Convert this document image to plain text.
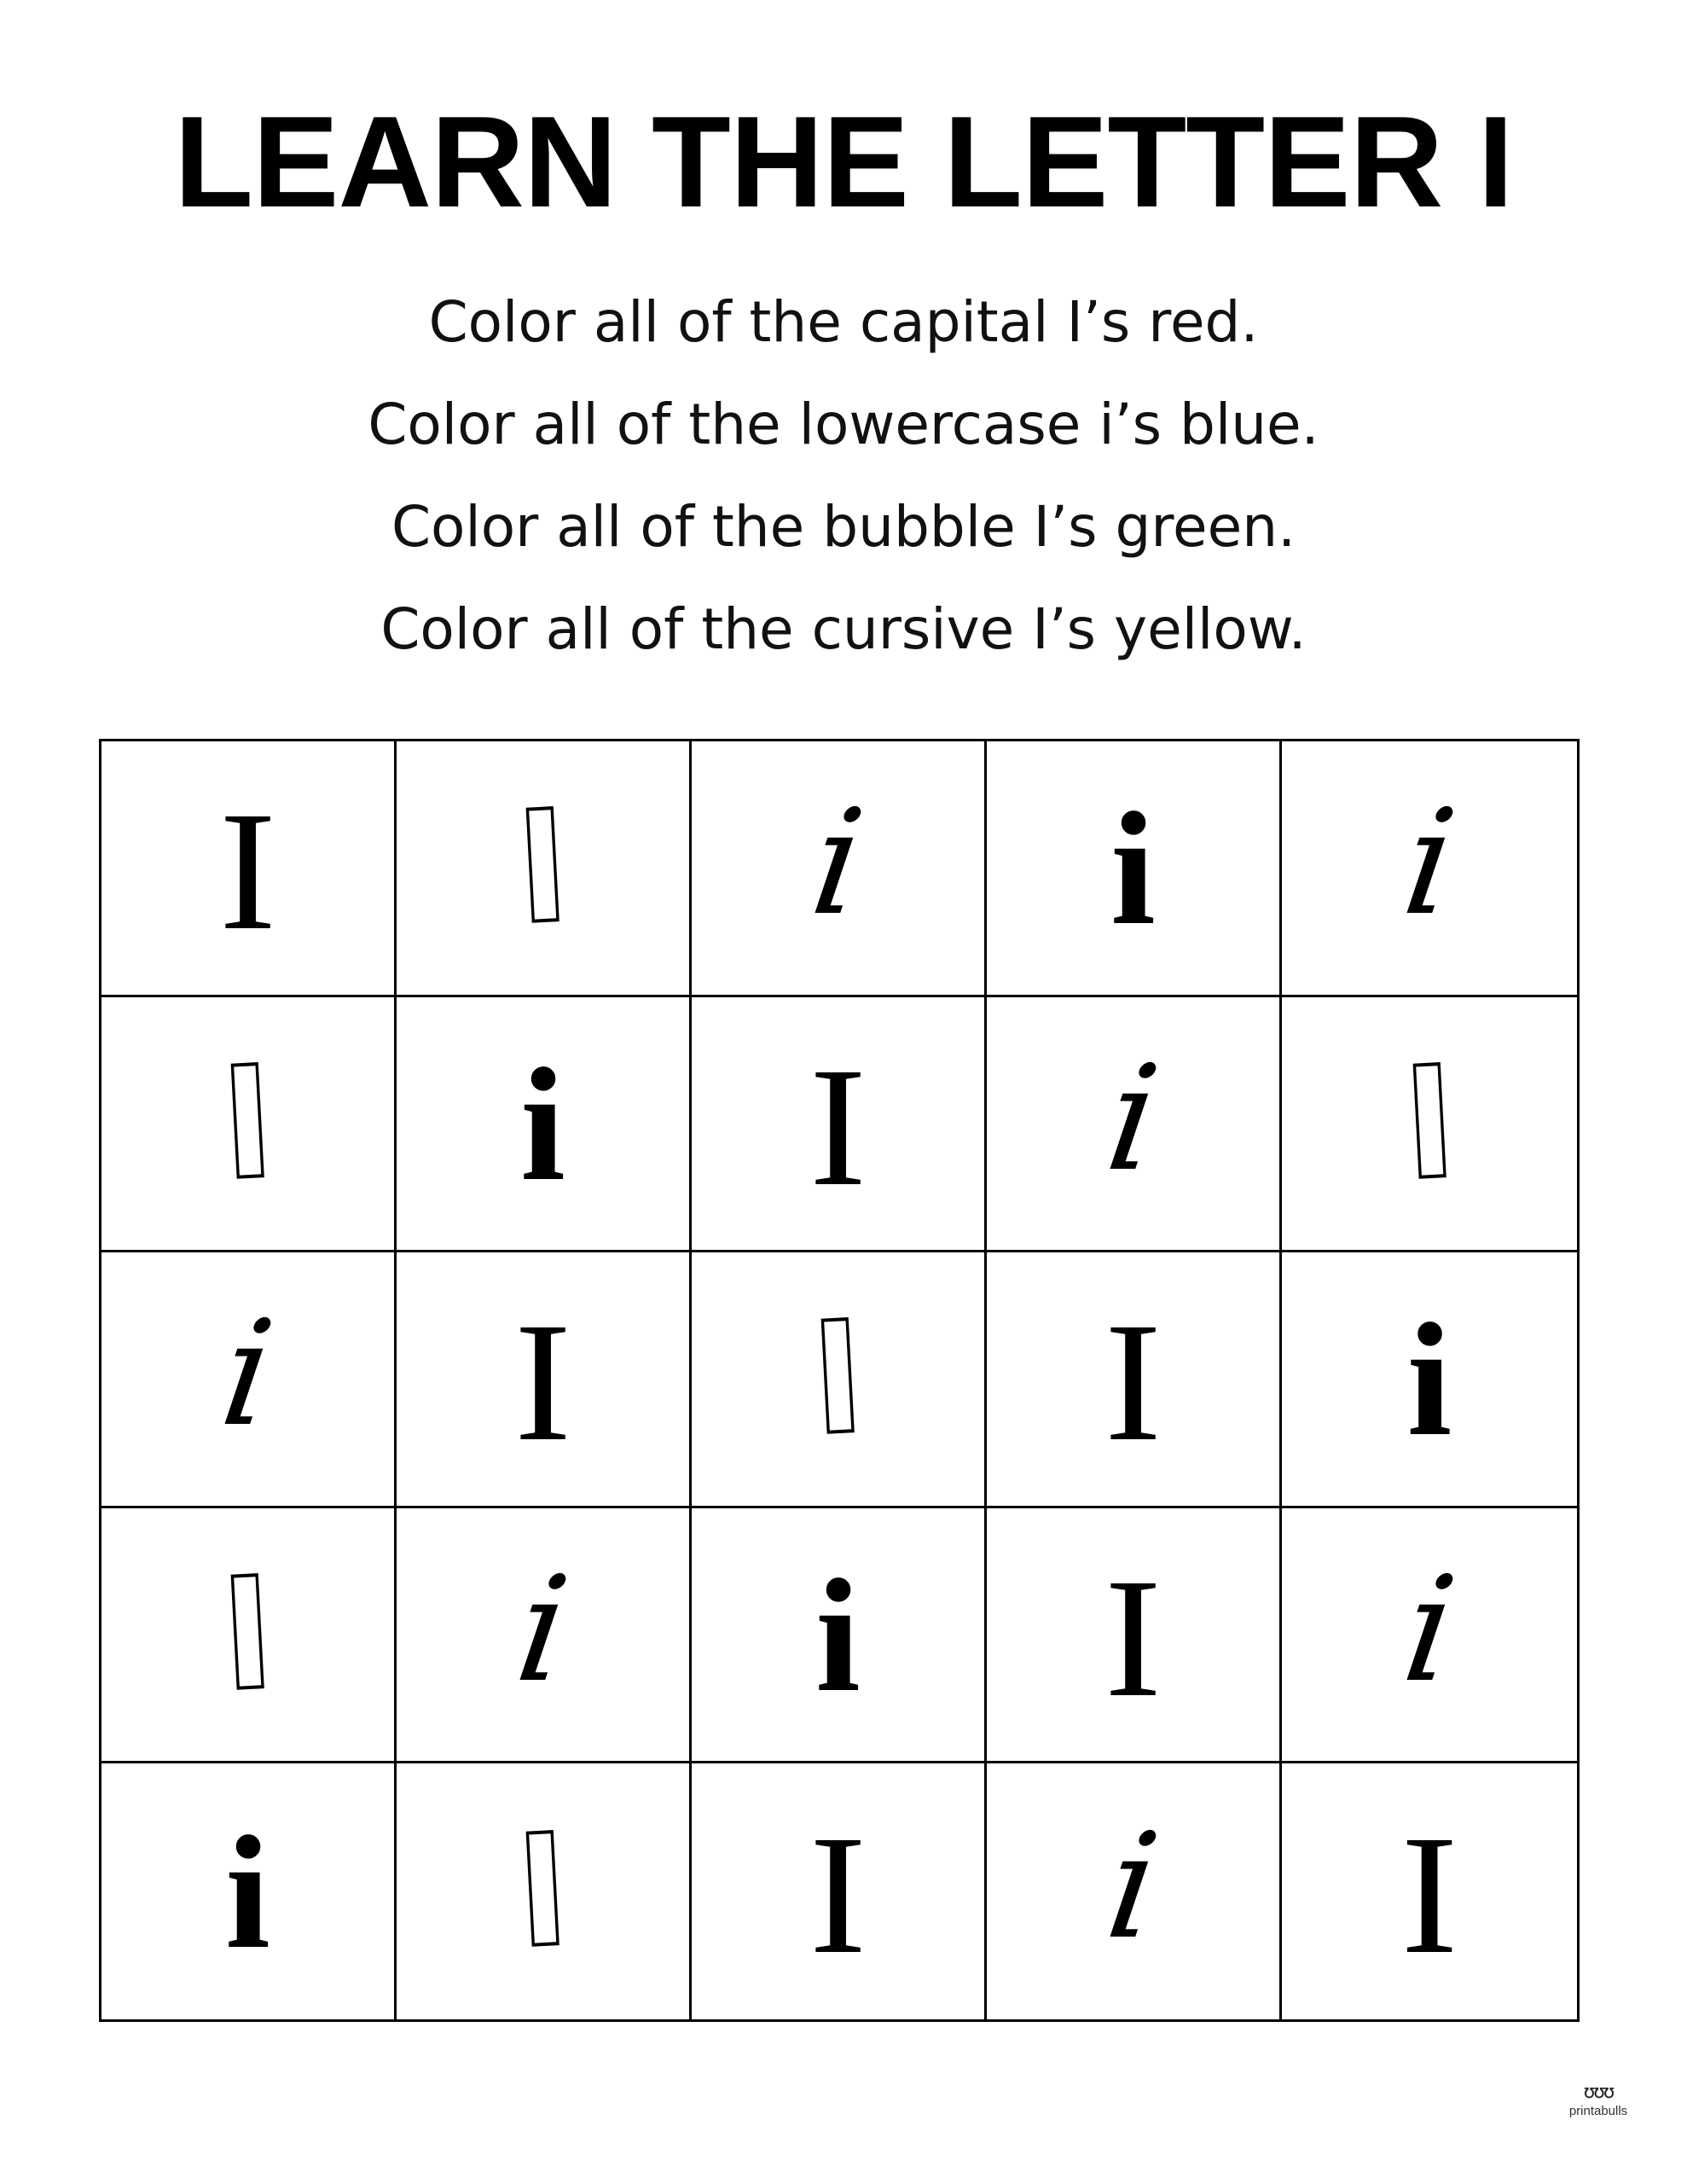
LEARN THE LETTER I
Color all of the capital I’s red.
Color all of the lowercase i’s blue.
Color all of the bubble I’s green.
Color all of the cursive I’s yellow.
I I i i i
I i I i I
i I I I i
I i i I i
i I I i I
ʊʊʊ
printabulls
